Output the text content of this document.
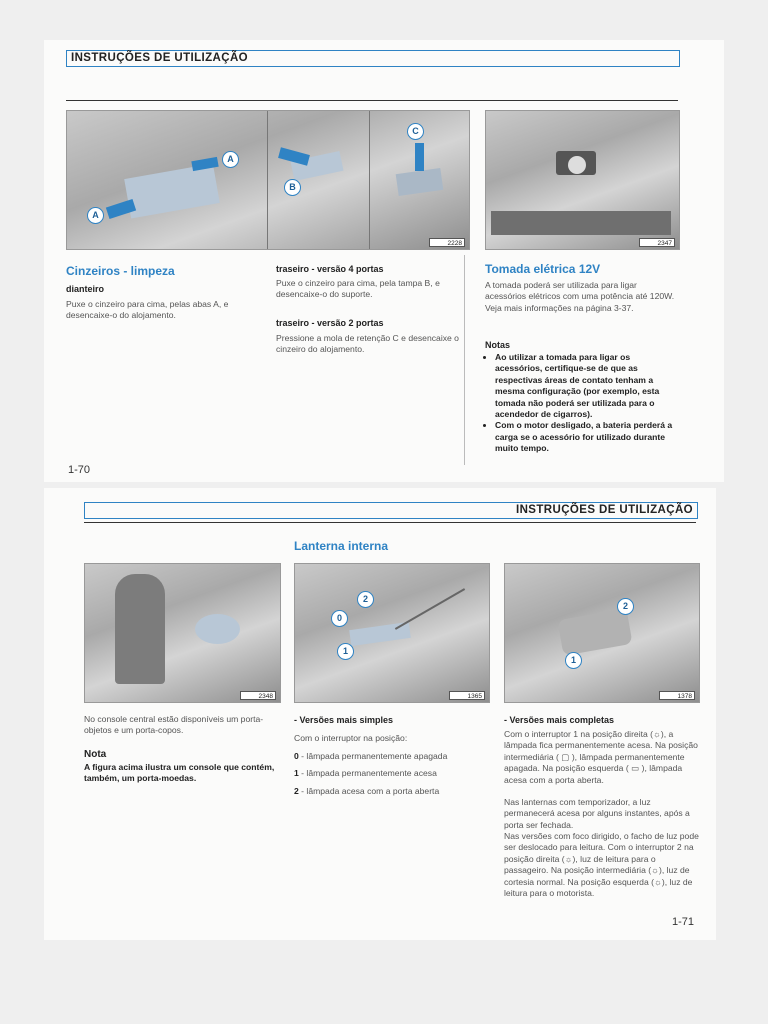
INSTRUÇÕES DE UTILIZAÇÃO
A
A
B
C
2228	2347
Cinzeiros - limpeza
dianteiro
Puxe o cinzeiro para cima, pelas abas A, e desencaixe-o do alojamento.
traseiro - versão 4 portas
Puxe o cinzeiro para cima, pela tampa B, e desencaixe-o do suporte.
traseiro - versão 2 portas
Pressione a mola de retenção C e desencaixe o cinzeiro do alojamento.
Tomada elétrica 12V
A tomada poderá ser utilizada para ligar acessórios elétricos com uma potência até 120W. Veja mais informações na página 3-37.
Notas
• Ao utilizar a tomada para ligar os acessórios, certifique-se de que as respectivas áreas de contato tenham a mesma configuração (por exemplo, esta tomada não poderá ser utilizada para o acendedor de cigarros).
• Com o motor desligado, a bateria perderá a carga se o acessório for utilizado durante muito tempo.
1-70
INSTRUÇÕES DE UTILIZAÇÃO
Lanterna interna
2348
2
0
1
1365
2
1
1378
No console central estão disponíveis um porta-objetos e um porta-copos.
Nota
A figura acima ilustra um console que contém, também, um porta-moedas.
- Versões mais simples
Com o interruptor na posição:
0 - lâmpada permanentemente apagada
1 - lâmpada permanentemente acesa
2 - lâmpada acesa com a porta aberta
- Versões mais completas
Com o interruptor 1 na posição direita (☼), a lâmpada fica permanentemente acesa. Na posição intermediária ( ▢ ), lâmpada permanentemente apagada. Na posição esquerda ( ▭ ), lâmpada acesa com a porta aberta.
Nas lanternas com temporizador, a luz permanecerá acesa por alguns instantes, após a porta ser fechada.
Nas versões com foco dirigido, o facho de luz pode ser deslocado para leitura. Com o interruptor 2 na posição direita (☼), luz de leitura para o passageiro. Na posição intermediária (☼), luz de cortesia normal. Na posição esquerda (☼), luz de leitura para o motorista.
1-71
